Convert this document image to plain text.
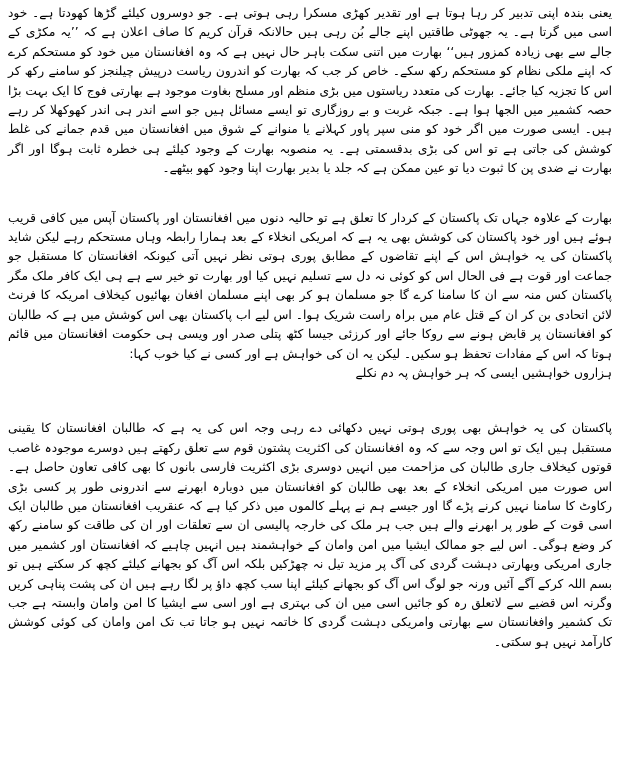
یعنی بندہ اپنی تدبیر کر رہا ہوتا ہے اور تقدیر کھڑی مسکرا رہی ہوتی ہے۔ جو دوسروں کیلئے گڑھا کھودتا ہے۔ خود اسی میں گرتا ہے۔ یہ جھوٹی طاقتیں اپنے جالے بُن رہی ہیں حالانکہ قرآن کریم کا صاف اعلان ہے کہ ’’یہ مکڑی کے جالے سے بھی زیادہ کمزور ہیں‘‘ بھارت میں اتنی سکت باہر حال نہیں ہے کہ وہ افغانستان میں خود کو مستحکم کرے کہ اپنے ملکی نظام کو مستحکم رکھ سکے۔ خاص کر جب کہ بھارت کو اندرون ریاست درپیش چیلنجز کو سامنے رکھ کر اس کا تجزیہ کیا جائے۔ بھارت کی متعدد ریاستوں میں بڑی منظم اور مسلح بغاوت موجود ہے بھارتی فوج کا ایک بہت بڑا حصہ کشمیر میں الجھا ہوا ہے۔ جبکہ غربت و بے روزگاری تو ایسے مسائل ہیں جو اسے اندر ہی اندر کھوکھلا کر رہے ہیں۔ ایسی صورت میں اگر خود کو منی سپر پاور کہلانے یا منوانے کے شوق میں افغانستان میں قدم جمانے کی غلط کوشش کی جاتی ہے تو اس کی بڑی بدقسمتی ہے۔ یہ منصوبہ بھارت کے وجود کیلئے ہی خطرہ ثابت ہوگا اور اگر بھارت نے ضدی پن کا ثبوت دیا تو عین ممکن ہے کہ جلد یا بدیر بھارت اپنا وجود کھو بیٹھے۔

بھارت کے علاوہ جہاں تک پاکستان کے کردار کا تعلق ہے تو حالیہ دنوں میں افغانستان اور پاکستان آپس میں کافی قریب ہوئے ہیں اور خود پاکستان کی کوشش بھی یہ ہے کہ امریکی انخلاء کے بعد ہمارا رابطہ وہاں مستحکم رہے لیکن شاید پاکستان کی یہ خواہش اس کے اپنے تقاضوں کے مطابق پوری ہوتی نظر نہیں آتی کیونکہ افغانستان کا مستقبل جو جماعت اور قوت ہے فی الحال اس کو کوئی نہ دل سے تسلیم نہیں کیا اور بھارت تو خیر سے ہے ہی ایک کافر ملک مگر پاکستان کس منہ سے ان کا سامنا کرے گا جو مسلمان ہو کر بھی اپنے مسلمان افغان بھائیوں کیخلاف امریکہ کا فرنٹ لائن اتحادی بن کر ان کے قتل عام میں براہ راست شریک ہوا۔ اس لیے اب پاکستان بھی اس کوشش میں ہے کہ طالبان کو افغانستان پر قابض ہونے سے روکا جائے اور کرزئی جیسا کٹھ پتلی صدر اور ویسی ہی حکومت افغانستان میں قائم ہوتا کہ اس کے مفادات تحفظ ہو سکیں۔ لیکن یہ ان کی خواہش ہے اور کسی نے کیا خوب کہا:

ہزاروں خواہشیں ایسی کہ ہر خواہش پہ دم نکلے

پاکستان کی یہ خواہش بھی پوری ہوتی نہیں دکھائی دے رہی وجہ اس کی یہ ہے کہ طالبان افغانستان کا یقینی مستقبل ہیں ایک تو اس وجہ سے کہ وہ افغانستان کی اکثریت پشتون قوم سے تعلق رکھتے ہیں دوسرے موجودہ غاصب قوتوں کیخلاف جاری طالبان کی مزاحمت میں انہیں دوسری بڑی اکثریت فارسی بانوں کا بھی کافی تعاون حاصل ہے۔ اس صورت میں امریکی انخلاء کے بعد بھی طالبان کو افغانستان میں دوبارہ ابھرنے سے اندرونی طور پر کسی بڑی رکاوٹ کا سامنا نہیں کرنے پڑے گا اور جیسے ہم نے پہلے کالموں میں ذکر کیا ہے کہ عنقریب افغانستان میں طالبان ایک اسی قوت کے طور پر ابھرنے والے ہیں جب ہر ملک کی خارجہ پالیسی ان سے تعلقات اور ان کی طاقت کو سامنے رکھ کر وضع ہوگی۔ اس لیے جو ممالک ایشیا میں امن وامان کے خواہشمند ہیں انہیں چاہیے کہ افغانستان اور کشمیر میں جاری امریکی وبھارتی دہشت گردی کی آگ پر مزید تیل نہ چھڑکیں بلکہ اس آگ کو بجھانے کیلئے کچھ کر سکتے ہیں تو بسم اللہ کرکے آگے آئیں ورنہ جو لوگ اس آگ کو بجھانے کیلئے اپنا سب کچھ داؤ پر لگا رہے ہیں ان کی پشت پناہی کریں وگرنہ اس قضیے سے لاتعلق رہ کو جائیں اسی میں ان کی بہتری ہے اور اسی سے ایشیا کا امن وامان وابستہ ہے جب تک کشمیر وافغانستان سے بھارتی وامریکی دہشت گردی کا خاتمہ نہیں ہو جاتا تب تک امن وامان کی کوئی کوشش کارآمد نہیں ہو سکتی۔
